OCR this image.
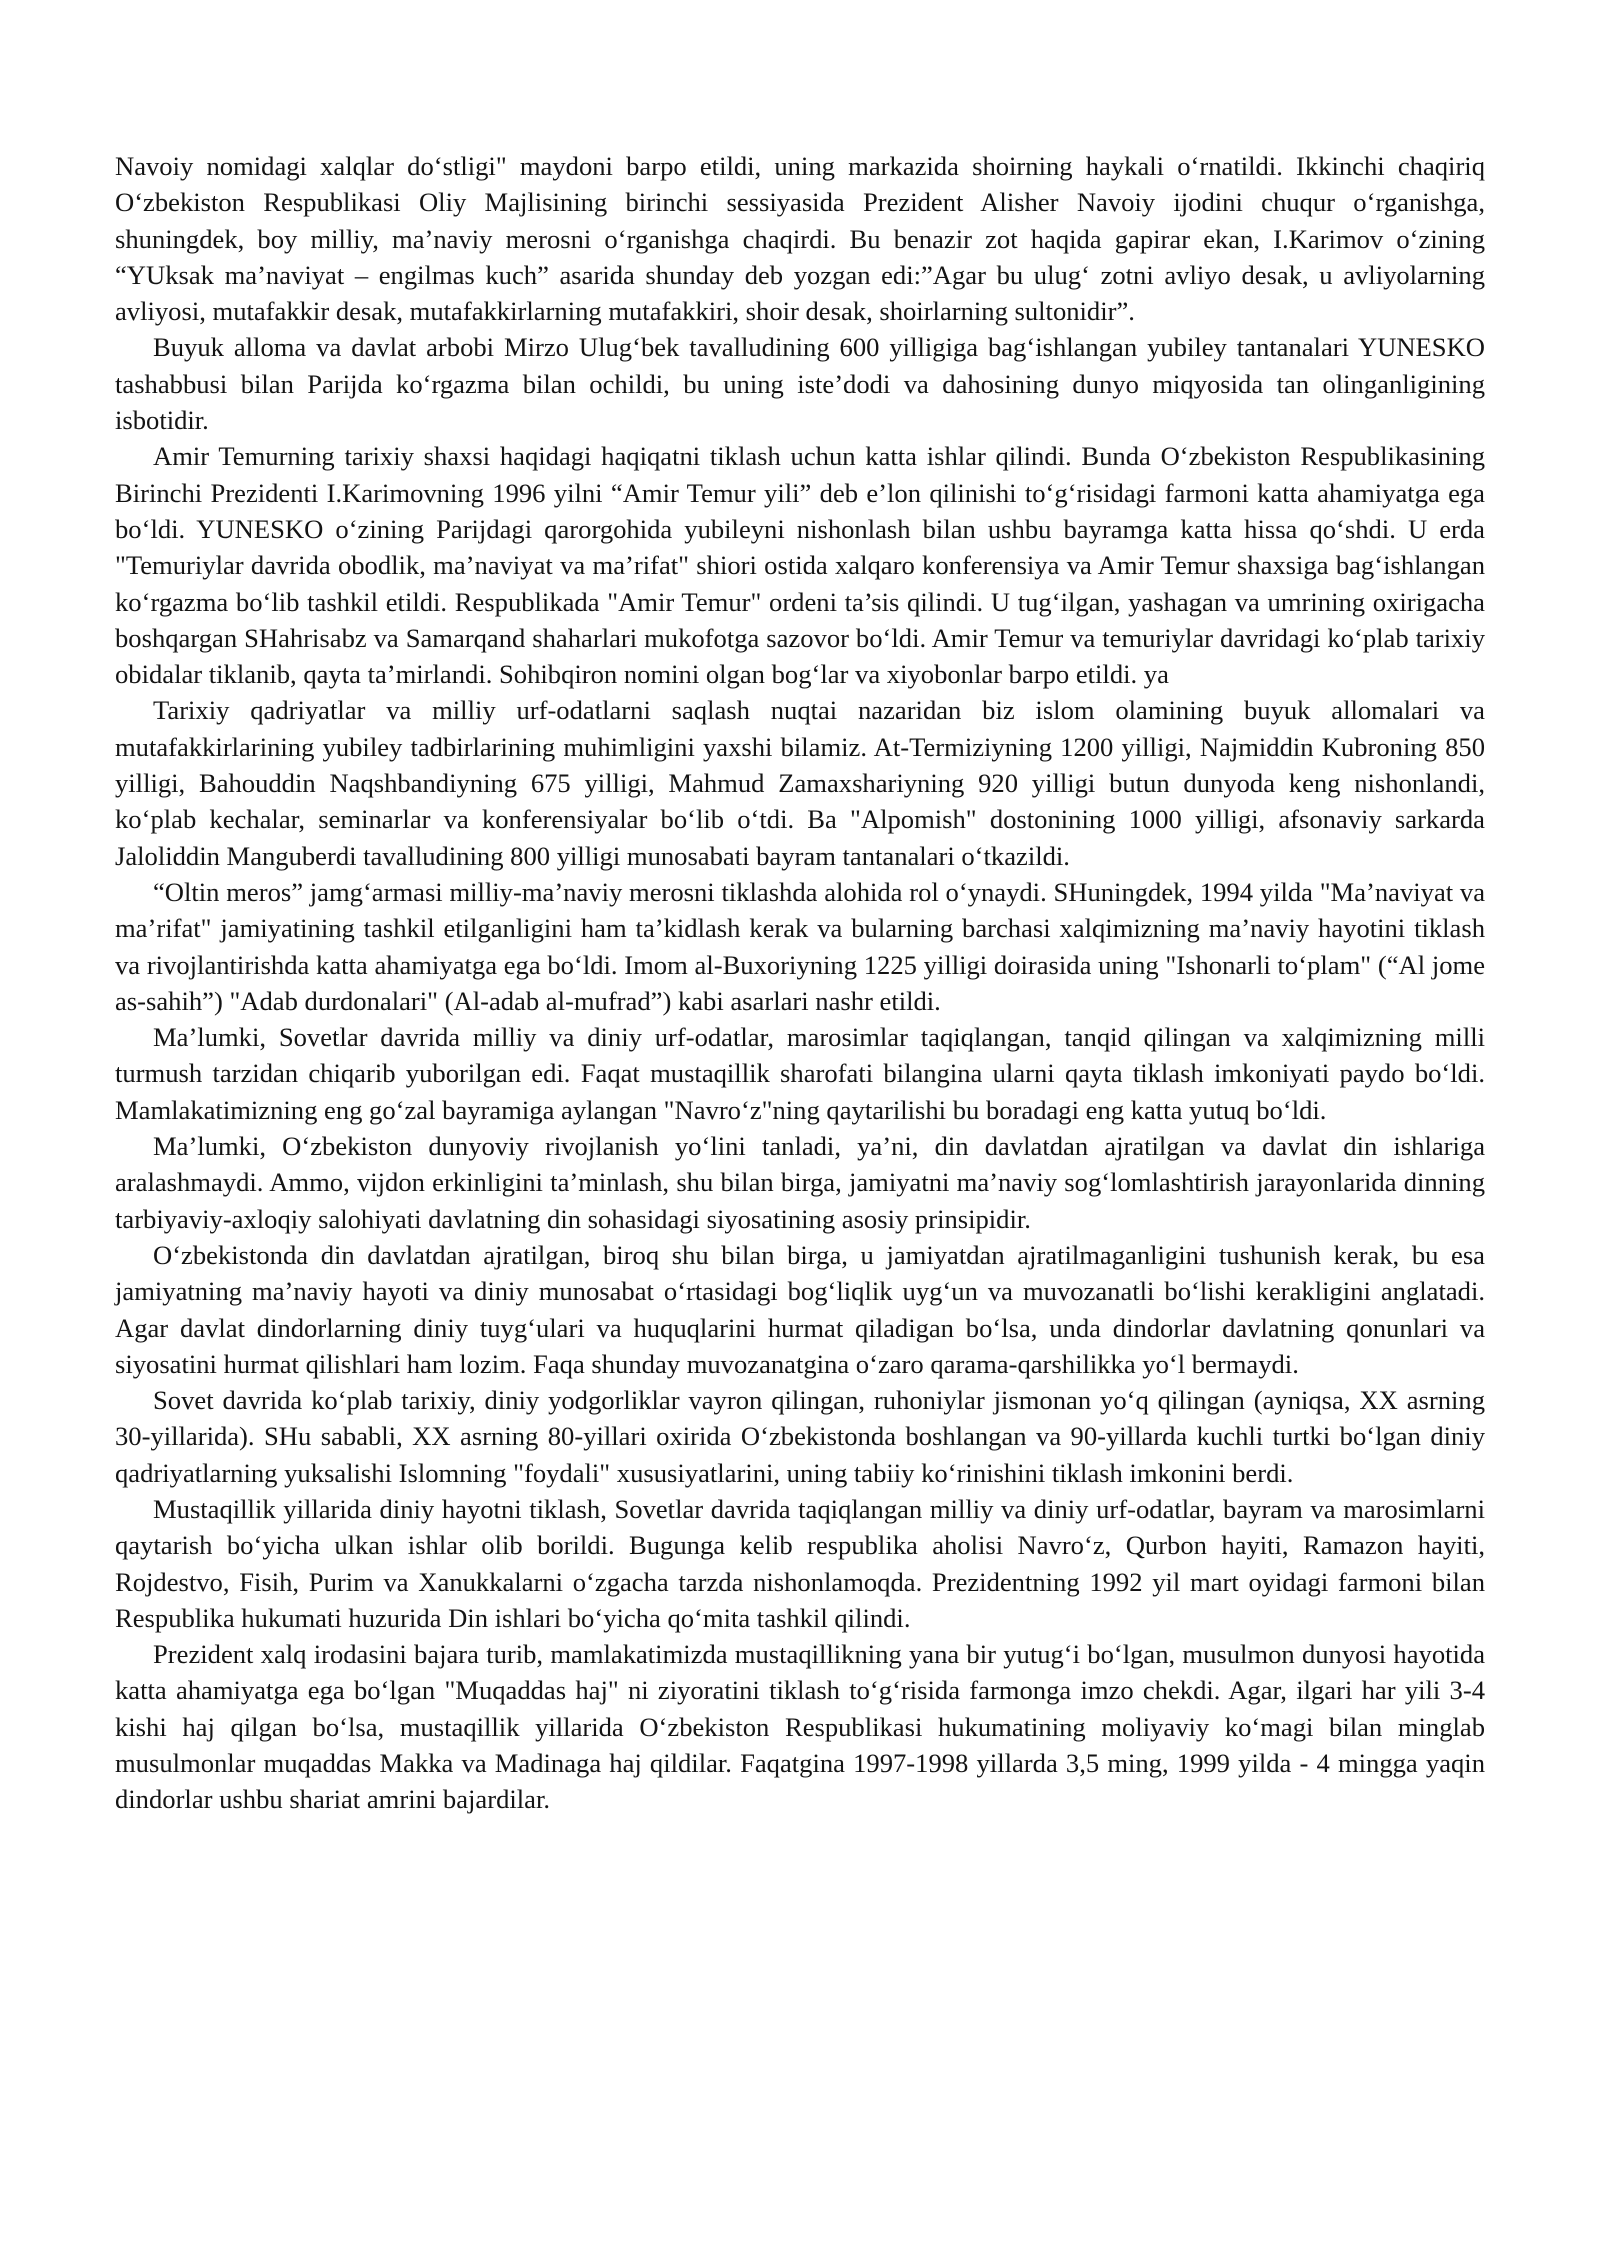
Navoiy nomidagi xalqlar do‘stligi" maydoni barpo etildi, uning markazida shoirning haykali o‘rnatildi. Ikkinchi chaqiriq O‘zbekiston Respublikasi Oliy Majlisining birinchi sessiyasida Prezident Alisher Navoiy ijodini chuqur o‘rganishga, shuningdek, boy milliy, ma’naviy merosni o‘rganishga chaqirdi. Bu benazir zot haqida gapirar ekan, I.Karimov o‘zining “YUksak ma’naviyat – engilmas kuch” asarida shunday deb yozgan edi:”Agar bu ulug‘ zotni avliyo desak, u avliyolarning avliyosi, mutafakkir desak, mutafakkirlarning mutafakkiri, shoir desak, shoirlarning sultonidir”.

Buyuk alloma va davlat arbobi Mirzo Ulug‘bek tavalludining 600 yilligiga bag‘ishlangan yubiley tantanalari YUNESKO tashabbusi bilan Parijda ko‘rgazma bilan ochildi, bu uning iste’dodi va dahosining dunyo miqyosida tan olinganligining isbotidir.

Amir Temurning tarixiy shaxsi haqidagi haqiqatni tiklash uchun katta ishlar qilindi. Bunda O‘zbekiston Respublikasining Birinchi Prezidenti I.Karimovning 1996 yilni “Amir Temur yili” deb e’lon qilinishi to‘g‘risidagi farmoni katta ahamiyatga ega bo‘ldi. YUNESKO o‘zining Parijdagi qarorgohida yubileyni nishonlash bilan ushbu bayramga katta hissa qo‘shdi. U erda "Temuriylar davrida obodlik, ma’naviyat va ma’rifat" shiori ostida xalqaro konferensiya va Amir Temur shaxsiga bag‘ishlangan ko‘rgazma bo‘lib tashkil etildi. Respublikada "Amir Temur" ordeni ta’sis qilindi. U tug‘ilgan, yashagan va umrining oxirigacha boshqargan SHahrisabz va Samarqand shaharlari mukofotga sazovor bo‘ldi. Amir Temur va temuriylar davridagi ko‘plab tarixiy obidalar tiklanib, qayta ta’mirlandi. Sohibqiron nomini olgan bog‘lar va xiyobonlar barpo etildi. ya

Tarixiy qadriyatlar va milliy urf-odatlarni saqlash nuqtai nazaridan biz islom olamining buyuk allomalari va mutafakkirlarining yubiley tadbirlarining muhimligini yaxshi bilamiz. At-Termiziyning 1200 yilligi, Najmiddin Kubroning 850 yilligi, Bahouddin Naqshbandiyning 675 yilligi, Mahmud Zamaxshariyning 920 yilligi butun dunyoda keng nishonlandi, ko‘plab kechalar, seminarlar va konferensiyalar bo‘lib o‘tdi. Ba "Alpomish" dostonining 1000 yilligi, afsonaviy sarkarda Jaloliddin Manguberdi tavalludining 800 yilligi munosabati bayram tantanalari o‘tkazildi.

“Oltin meros” jamg‘armasi milliy-ma’naviy merosni tiklashda alohida rol o‘ynaydi. SHuningdek, 1994 yilda "Ma’naviyat va ma’rifat" jamiyatining tashkil etilganligini ham ta’kidlash kerak va bularning barchasi xalqimizning ma’naviy hayotini tiklash va rivojlantirishda katta ahamiyatga ega bo‘ldi. Imom al-Buxoriyning 1225 yilligi doirasida uning "Ishonarli to‘plam" (“Al jome as-sahih”) "Adab durdonalari" (Al-adab al-mufrad”) kabi asarlari nashr etildi.

Ma’lumki, Sovetlar davrida milliy va diniy urf-odatlar, marosimlar taqiqlangan, tanqid qilingan va xalqimizning milli turmush tarzidan chiqarib yuborilgan edi. Faqat mustaqillik sharofati bilangina ularni qayta tiklash imkoniyati paydo bo‘ldi. Mamlakatimizning eng go‘zal bayramiga aylangan "Navro‘z"ning qaytarilishi bu boradagi eng katta yutuq bo‘ldi.

Ma’lumki, O‘zbekiston dunyoviy rivojlanish yo‘lini tanladi, ya’ni, din davlatdan ajratilgan va davlat din ishlariga aralashmaydi. Ammo, vijdon erkinligini ta’minlash, shu bilan birga, jamiyatni ma’naviy sog‘lomlashtirish jarayonlarida dinning tarbiyaviy-axloqiy salohiyati davlatning din sohasidagi siyosatining asosiy prinsipidir.

O‘zbekistonda din davlatdan ajratilgan, biroq shu bilan birga, u jamiyatdan ajratilmaganligini tushunish kerak, bu esa jamiyatning ma’naviy hayoti va diniy munosabat o‘rtasidagi bog‘liqlik uyg‘un va muvozanatli bo‘lishi kerakligini anglatadi. Agar davlat dindorlarning diniy tuyg‘ulari va huquqlarini hurmat qiladigan bo‘lsa, unda dindorlar davlatning qonunlari va siyosatini hurmat qilishlari ham lozim. Faqa shunday muvozanatgina o‘zaro qarama-qarshilikka yo‘l bermaydi.

Sovet davrida ko‘plab tarixiy, diniy yodgorliklar vayron qilingan, ruhoniylar jismonan yo‘q qilingan (ayniqsa, XX asrning 30-yillarida). SHu sababli, XX asrning 80-yillari oxirida O‘zbekistonda boshlangan va 90-yillarda kuchli turtki bo‘lgan diniy qadriyatlarning yuksalishi Islomning "foydali" xususiyatlarini, uning tabiiy ko‘rinishini tiklash imkonini berdi.

Mustaqillik yillarida diniy hayotni tiklash, Sovetlar davrida taqiqlangan milliy va diniy urf-odatlar, bayram va marosimlarni qaytarish bo‘yicha ulkan ishlar olib borildi. Bugunga kelib respublika aholisi Navro‘z, Qurbon hayiti, Ramazon hayiti, Rojdestvo, Fisih, Purim va Xanukkalarni o‘zgacha tarzda nishonlamoqda. Prezidentning 1992 yil mart oyidagi farmoni bilan Respublika hukumati huzurida Din ishlari bo‘yicha qo‘mita tashkil qilindi.

Prezident xalq irodasini bajara turib, mamlakatimizda mustaqillikning yana bir yutug‘i bo‘lgan, musulmon dunyosi hayotida katta ahamiyatga ega bo‘lgan "Muqaddas haj" ni ziyoratini tiklash to‘g‘risida farmonga imzo chekdi. Agar, ilgari har yili 3-4 kishi haj qilgan bo‘lsa, mustaqillik yillarida O‘zbekiston Respublikasi hukumatining moliyaviy ko‘magi bilan minglab musulmonlar muqaddas Makka va Madinaga haj qildilar. Faqatgina 1997-1998 yillarda 3,5 ming, 1999 yilda - 4 mingga yaqin dindorlar ushbu shariat amrini bajardilar.
